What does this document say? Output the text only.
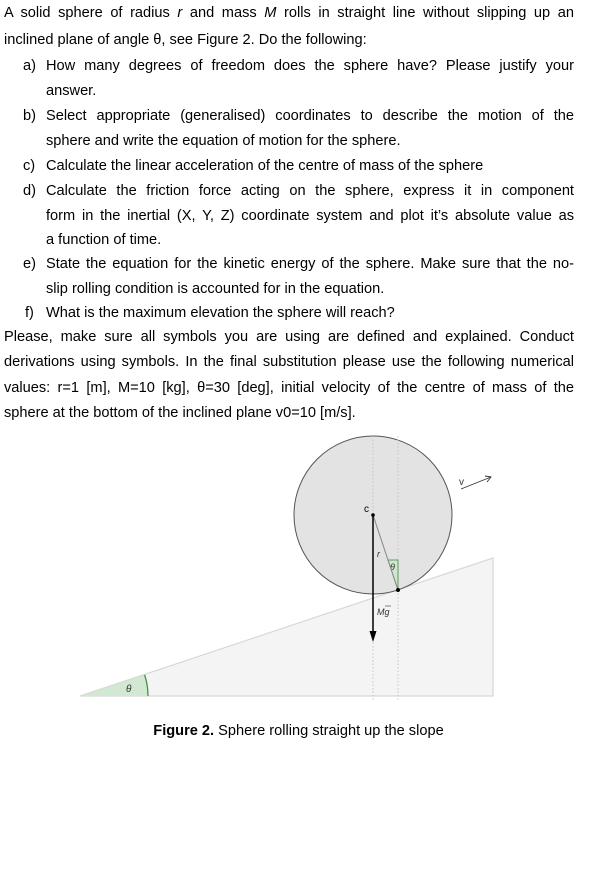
A solid sphere of radius r and mass M rolls in straight line without slipping up an
inclined plane of angle θ, see Figure 2. Do the following:
a) How many degrees of freedom does the sphere have? Please justify your
answer.
b) Select appropriate (generalised) coordinates to describe the motion of the
sphere and write the equation of motion for the sphere.
c) Calculate the linear acceleration of the centre of mass of the sphere
d) Calculate the friction force acting on the sphere, express it in component
form in the inertial (X, Y, Z) coordinate system and plot it’s absolute value as
a function of time.
e) State the equation for the kinetic energy of the sphere. Make sure that the no-
slip rolling condition is accounted for in the equation.
f) What is the maximum elevation the sphere will reach?
Please, make sure all symbols you are using are defined and explained. Conduct
derivations using symbols. In the final substitution please use the following numerical
values: r=1 [m], M=10 [kg], θ=30 [deg], initial velocity of the centre of mass of the
sphere at the bottom of the inclined plane v0=10 [m/s].
θ
θ
r
c
Mg
v
Figure 2. Sphere rolling straight up the slope
